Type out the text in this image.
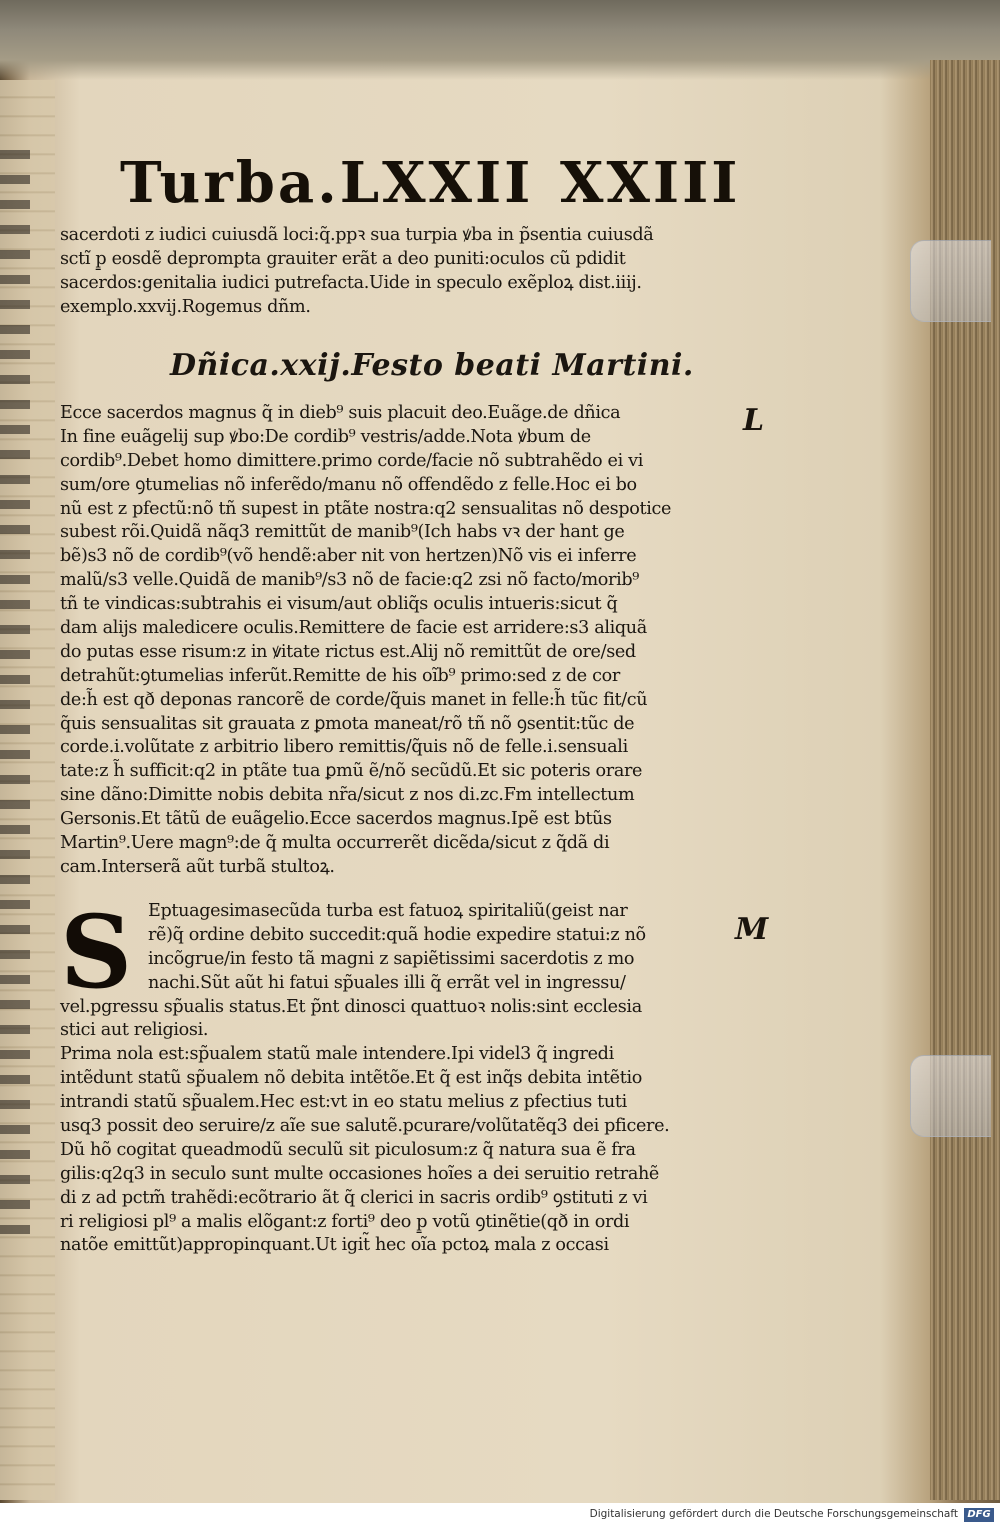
Turba.LXXII XXIII
sacerdoti z iudici cuiusdã loci:q̃.ppꝛ sua turpia ꝟba in p̃sentia cuiusdã
sctĩ p̱ eosdẽ deprompta grauiter erãt a deo puniti:oculos cũ pdidit
sacerdos:genitalia iudici putrefacta.Uide in speculo exẽploꝝ dist.iiij.
exemplo.xxvij.Rogemus dñm.
Dñica.xxij.Festo beati Martini.
Ecce sacerdos magnus q̃ in dieb⁹ suis placuit deo.Euãge.de dñica
In fine euãgelij sup ꝟbo:De cordib⁹ vestris/adde.Nota ꝟbum de
cordib⁹.Debet homo dimittere.primo corde/facie nõ subtrahẽdo ei vi
sum/ore ꝯtumelias nõ inferẽdo/manu nõ offendẽdo z felle.Hoc ei bo
nũ est z pfectũ:nõ tñ supest in ptãte nostra:q2 sensualitas nõ despotice
subest rõi.Quidã nãq3 remittũt de manib⁹(Ich habs vꝛ der hant ge
bẽ)s3 nõ de cordib⁹(võ hendẽ:aber nit von hertzen)Nõ vis ei inferre
malũ/s3 velle.Quidã de manib⁹/s3 nõ de facie:q2 zsi nõ facto/morib⁹
tñ te vindicas:subtrahis ei visum/aut obliq̃s oculis intueris:sicut q̃
dam alijs maledicere oculis.Remittere de facie est arridere:s3 aliquã
do putas esse risum:z in ꝟitate rictus est.Alij nõ remittũt de ore/sed
detrahũt:ꝯtumelias inferũt.Remitte de his oĩb⁹ primo:sed z de cor
de:h̃ est qð deponas rancorẽ de corde/q̃uis manet in felle:h̃ tũc fit/cũ
q̃uis sensualitas sit grauata z ꝑmota maneat/rõ tñ nõ ꝯsentit:tũc de
corde.i.volũtate z arbitrio libero remittis/q̃uis nõ de felle.i.sensuali
tate:z h̃ sufficit:q2 in ptãte tua ꝑmũ ẽ/nõ secũdũ.Et sic poteris orare
sine dãno:Dimitte nobis debita nr̃a/sicut z nos di.zc.Fm intellectum
Gersonis.Et tãtũ de euãgelio.Ecce sacerdos magnus.Ipẽ est btũs
Martin⁹.Uere magn⁹:de q̃ multa occurrerẽt dicẽda/sicut z q̃dã di
cam.Interserã aũt turbã stultoꝝ.
S Eptuagesimasecũda turba est fatuoꝝ spiritaliũ(geist nar
rẽ)q̃ ordine debito succedit:quã hodie expedire statui:z nõ
incõgrue/in festo tã magni z sapiẽtissimi sacerdotis z mo
nachi.Sũt aũt hi fatui sp̃uales illi q̃ errãt vel in ingressu/
vel.pgressu sp̃ualis status.Et p̃nt dinosci quattuoꝛ nolis:sint ecclesia
stici aut religiosi.
Prima nola est:sp̃ualem statũ male intendere.Ipi videl3 q̃ ingredi
intẽdunt statũ sp̃ualem nõ debita intẽtõe.Et q̃ est inq̃s debita intẽtio
intrandi statũ sp̃ualem.Hec est:vt in eo statu melius z pfectius tuti
usq3 possit deo seruire/z aĩe sue salutẽ.pcurare/volũtatẽq3 dei pficere.
Dũ hõ cogitat queadmodũ seculũ sit piculosum:z q̃ natura sua ẽ fra
gilis:q2q3 in seculo sunt multe occasiones hoĩes a dei seruitio retrahẽ
di z ad pctm̃ trahẽdi:ecõtrario ãt q̃ clerici in sacris ordib⁹ ꝯstituti z vi
ri religiosi pl⁹ a malis elõgant:z forti⁹ deo p̱ votũ ꝯtinẽtie(qð in ordi
natõe emittũt)appropinquant.Ut igit̃ hec oĩa pctoꝝ mala z occasi
L
M
Digitalisierung gefördert durch die Deutsche Forschungsgemeinschaft DFG
